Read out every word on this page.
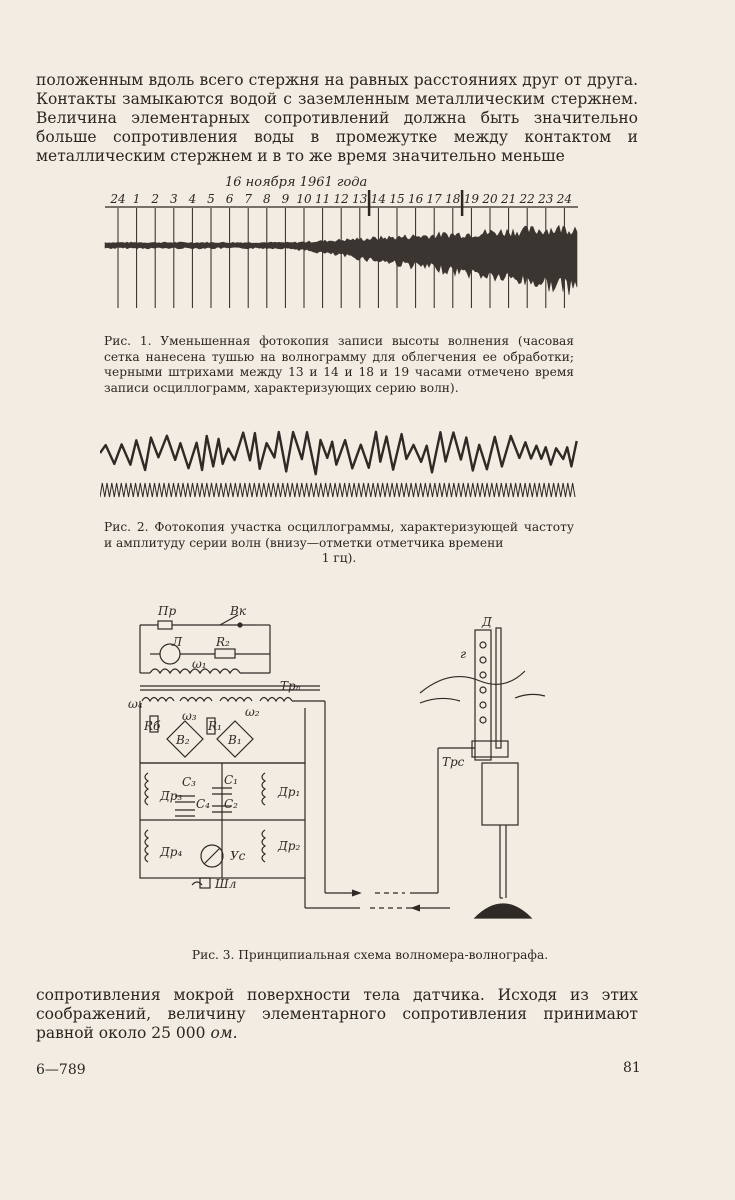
положенным вдоль всего стержня на равных расстояниях друг от друга. Контакты замыкаются водой с заземленным металлическим стержнем. Величина элементарных сопротивлений должна быть значительно больше сопротивления воды в промежутке между контактом и металлическим стержнем и в то же время значительно меньше

16 ноября 1961 года
24 1 2 3 4 5 6 7 8 9 10 11 12 13 14 15 16 17 18 19 20 21 22 23 24

Рис. 1. Уменьшенная фотокопия записи высоты волнения (часовая сетка нанесена тушью на волнограмму для облегчения ее обработки; черными штрихами между 13 и 14 и 18 и 19 часами отмечено время записи осциллограмм, характеризующих серию волн).

Рис. 2. Фотокопия участка осциллограммы, характеризующей частоту и амплитуду серии волн (внизу—отметки отметчика времени

1 гц).

Пр	Вк
Л	R₂
ω₁
Трₙ
ω₄
Rб
ω₃
R₁
ω₂
В₂	В₁
С₃ С₁
С₂
С₄
Др₃	Др₁
Др₄	Др₂
Ус
Шл
Д
г
Трс

Рис. 3. Принципиальная схема волномера-волнографа.

сопротивления мокрой поверхности тела датчика. Исходя из этих соображений, величину элементарного сопротивления принимают равной около 25 000 ом.

6—789	81
